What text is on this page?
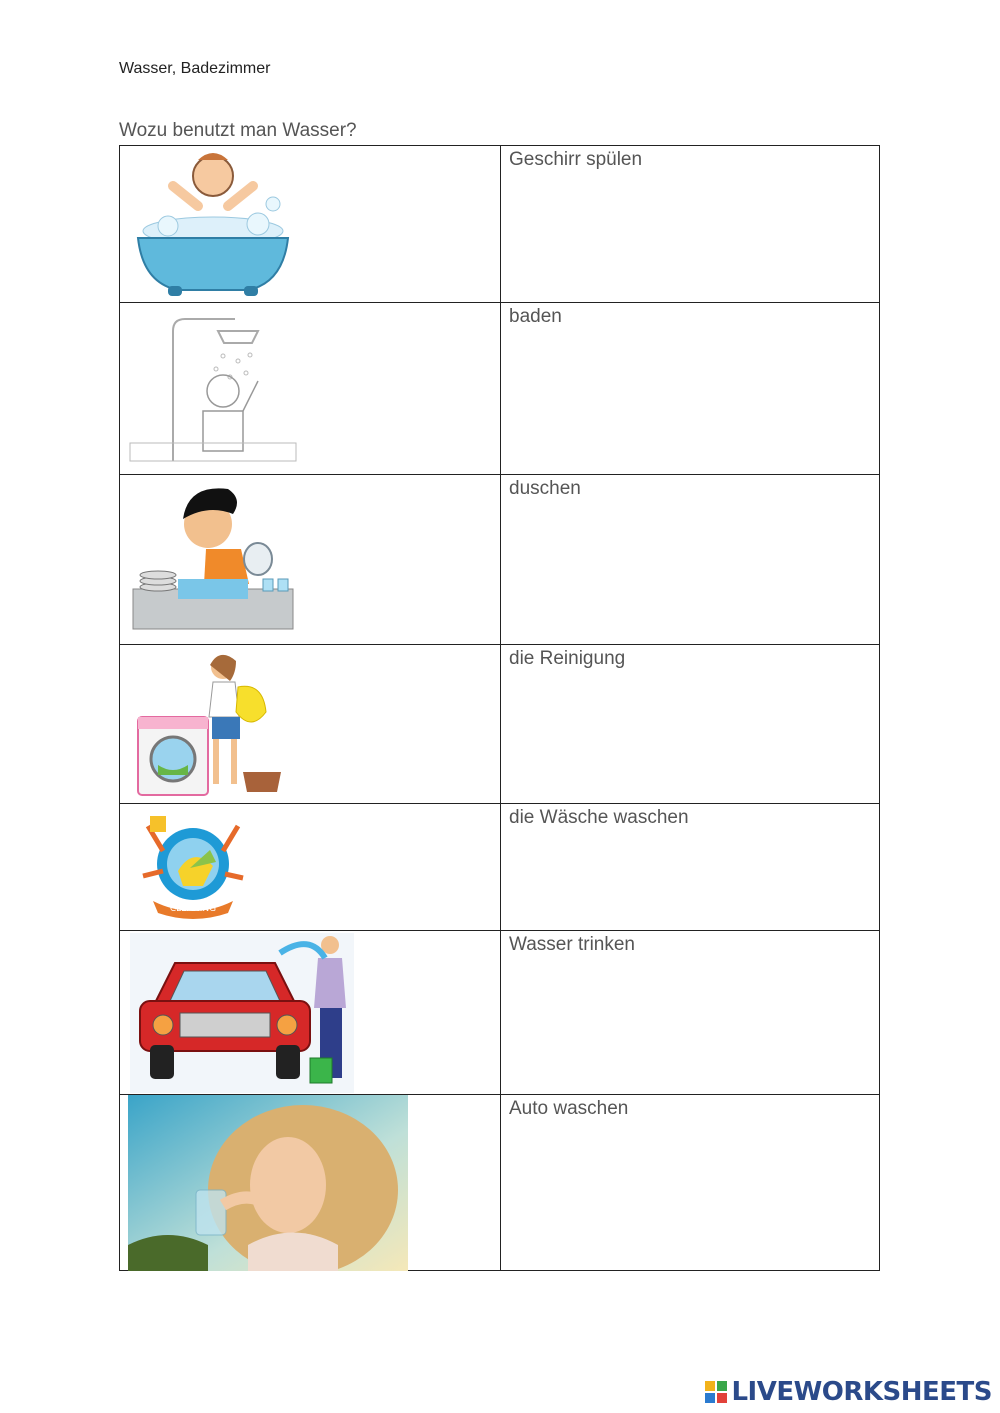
Wasser, Badezimmer
Wozu benutzt man Wasser?

Geschirr spülen

baden

duschen

die Reinigung

CLEANING	die Wäsche waschen

Wasser trinken

Auto waschen
LIVEWORKSHEETS
